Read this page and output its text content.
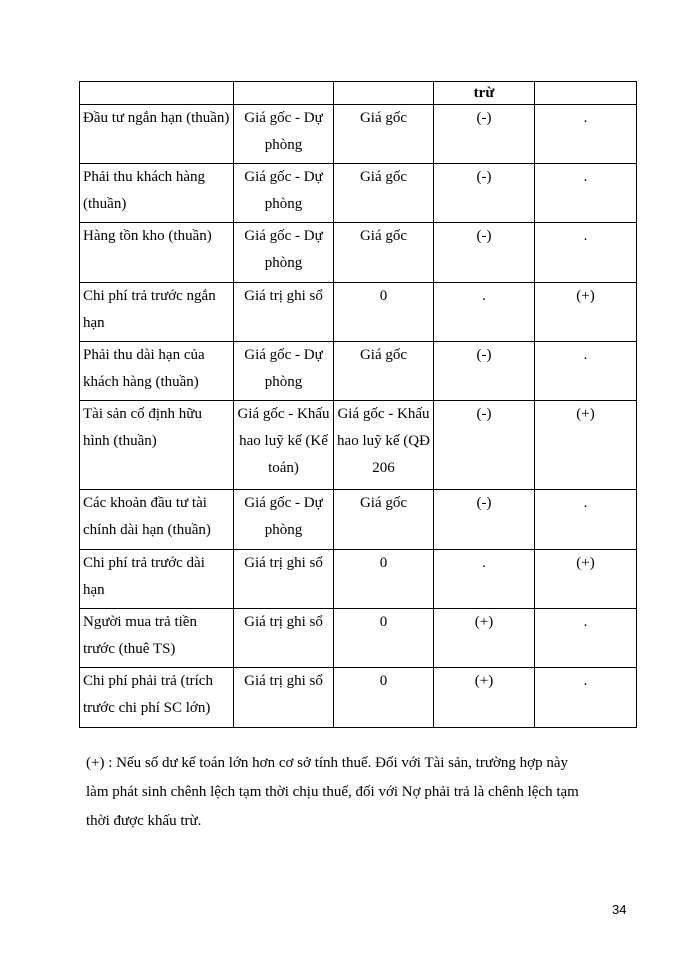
			trừ	

Đầu tư ngắn hạn (thuần)	Giá gốc - Dự phòng	Giá gốc	(-)	.

Phải thu khách hàng (thuần)	Giá gốc - Dự phòng	Giá gốc	(-)	.

Hàng tồn kho (thuần)	Giá gốc - Dự phòng	Giá gốc	(-)	.

Chi phí trả trước ngắn hạn	Giá trị ghi sổ	0	.	(+)

Phải thu dài hạn của khách hàng (thuần)	Giá gốc - Dự phòng	Giá gốc	(-)	.

Tài sản cố định hữu hình (thuần)	Giá gốc - Khấu hao luỹ kế (Kế toán)	Giá gốc - Khấu hao luỹ kế (QĐ 206	(-)	(+)

Các khoản đầu tư tài chính dài hạn (thuần)	Giá gốc - Dự phòng	Giá gốc	(-)	.

Chi phí trả trước dài hạn	Giá trị ghi sổ	0	.	(+)

Người mua trả tiền trước (thuê TS)	Giá trị ghi sổ	0	(+)	.

Chi phí phải trả (trích trước chi phí SC lớn)	Giá trị ghi sổ	0	(+)	.
(+) : Nếu số dư kế toán lớn hơn cơ sở tính thuế. Đối với Tài sản, trường hợp này
làm phát sinh chênh lệch tạm thời chịu thuế, đối với Nợ phải trả là chênh lệch tạm
thời được khấu trừ.
34
